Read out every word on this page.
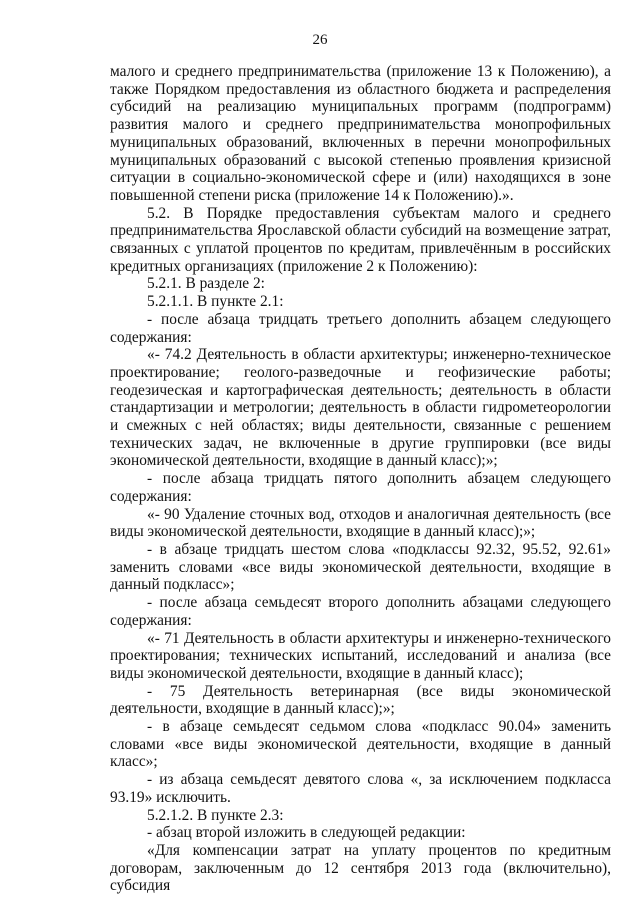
26

малого и среднего предпринимательства (приложение 13 к Положению), а также Порядком предоставления из областного бюджета и распределения субсидий на реализацию муниципальных программ (подпрограмм) развития малого и среднего предпринимательства монопрофильных муниципальных образований, включенных в перечни монопрофильных муниципальных образований с высокой степенью проявления кризисной ситуации в социально-экономической сфере и (или) находящихся в зоне повышенной степени риска (приложение 14 к Положению).».

5.2. В Порядке предоставления субъектам малого и среднего предпринимательства Ярославской области субсидий на возмещение затрат, связанных с уплатой процентов по кредитам, привлечённым в российских кредитных организациях (приложение 2 к Положению):

5.2.1. В разделе 2:

5.2.1.1. В пункте 2.1:

- после абзаца тридцать третьего дополнить абзацем следующего содержания:

«- 74.2 Деятельность в области архитектуры; инженерно-техническое проектирование; геолого-разведочные и геофизические работы; геодезическая и картографическая деятельность; деятельность в области стандартизации и метрологии; деятельность в области гидрометеорологии и смежных с ней областях; виды деятельности, связанные с решением технических задач, не включенные в другие группировки (все виды экономической деятельности, входящие в данный класс);»;

- после абзаца тридцать пятого дополнить абзацем следующего содержания:

«- 90 Удаление сточных вод, отходов и аналогичная деятельность (все виды экономической деятельности, входящие в данный класс);»;

- в абзаце тридцать шестом слова «подклассы 92.32, 95.52, 92.61» заменить словами «все виды экономической деятельности, входящие в данный подкласс»;

- после абзаца семьдесят второго дополнить абзацами следующего содержания:

«- 71 Деятельность в области архитектуры и инженерно-технического проектирования; технических испытаний, исследований и анализа (все виды экономической деятельности, входящие в данный класс);

- 75 Деятельность ветеринарная (все виды экономической деятельности, входящие в данный класс);»;

- в абзаце семьдесят седьмом слова «подкласс 90.04» заменить словами «все виды экономической деятельности, входящие в данный класс»;

- из абзаца семьдесят девятого слова «, за исключением подкласса 93.19» исключить.

5.2.1.2. В пункте 2.3:

- абзац второй изложить в следующей редакции:

«Для компенсации затрат на уплату процентов по кредитным договорам, заключенным до 12 сентября 2013 года (включительно), субсидия
